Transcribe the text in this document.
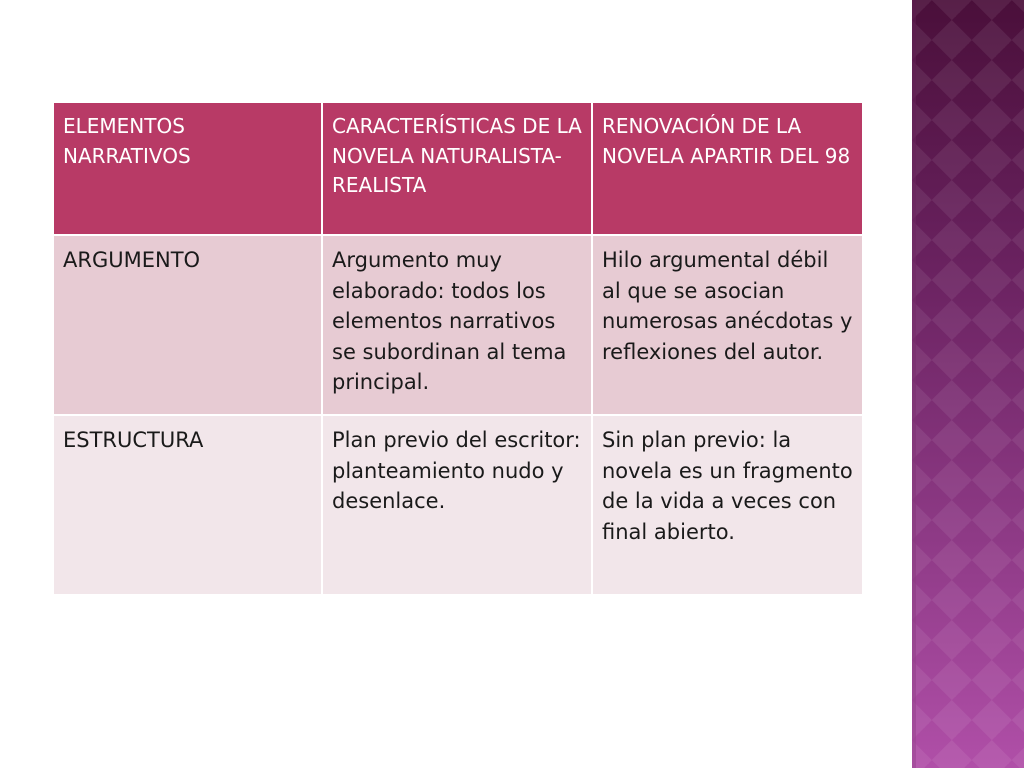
ELEMENTOS NARRATIVOS	CARACTERÍSTICAS DE LA NOVELA NATURALISTA-REALISTA	RENOVACIÓN DE LA NOVELA APARTIR DEL 98
ARGUMENTO	Argumento muy elaborado: todos los elementos narrativos se subordinan al tema principal.	Hilo argumental débil al que se asocian numerosas anécdotas y reflexiones del autor.
ESTRUCTURA	Plan previo del escritor: planteamiento nudo y desenlace.	Sin plan previo: la novela es un fragmento de la vida a veces con final abierto.
